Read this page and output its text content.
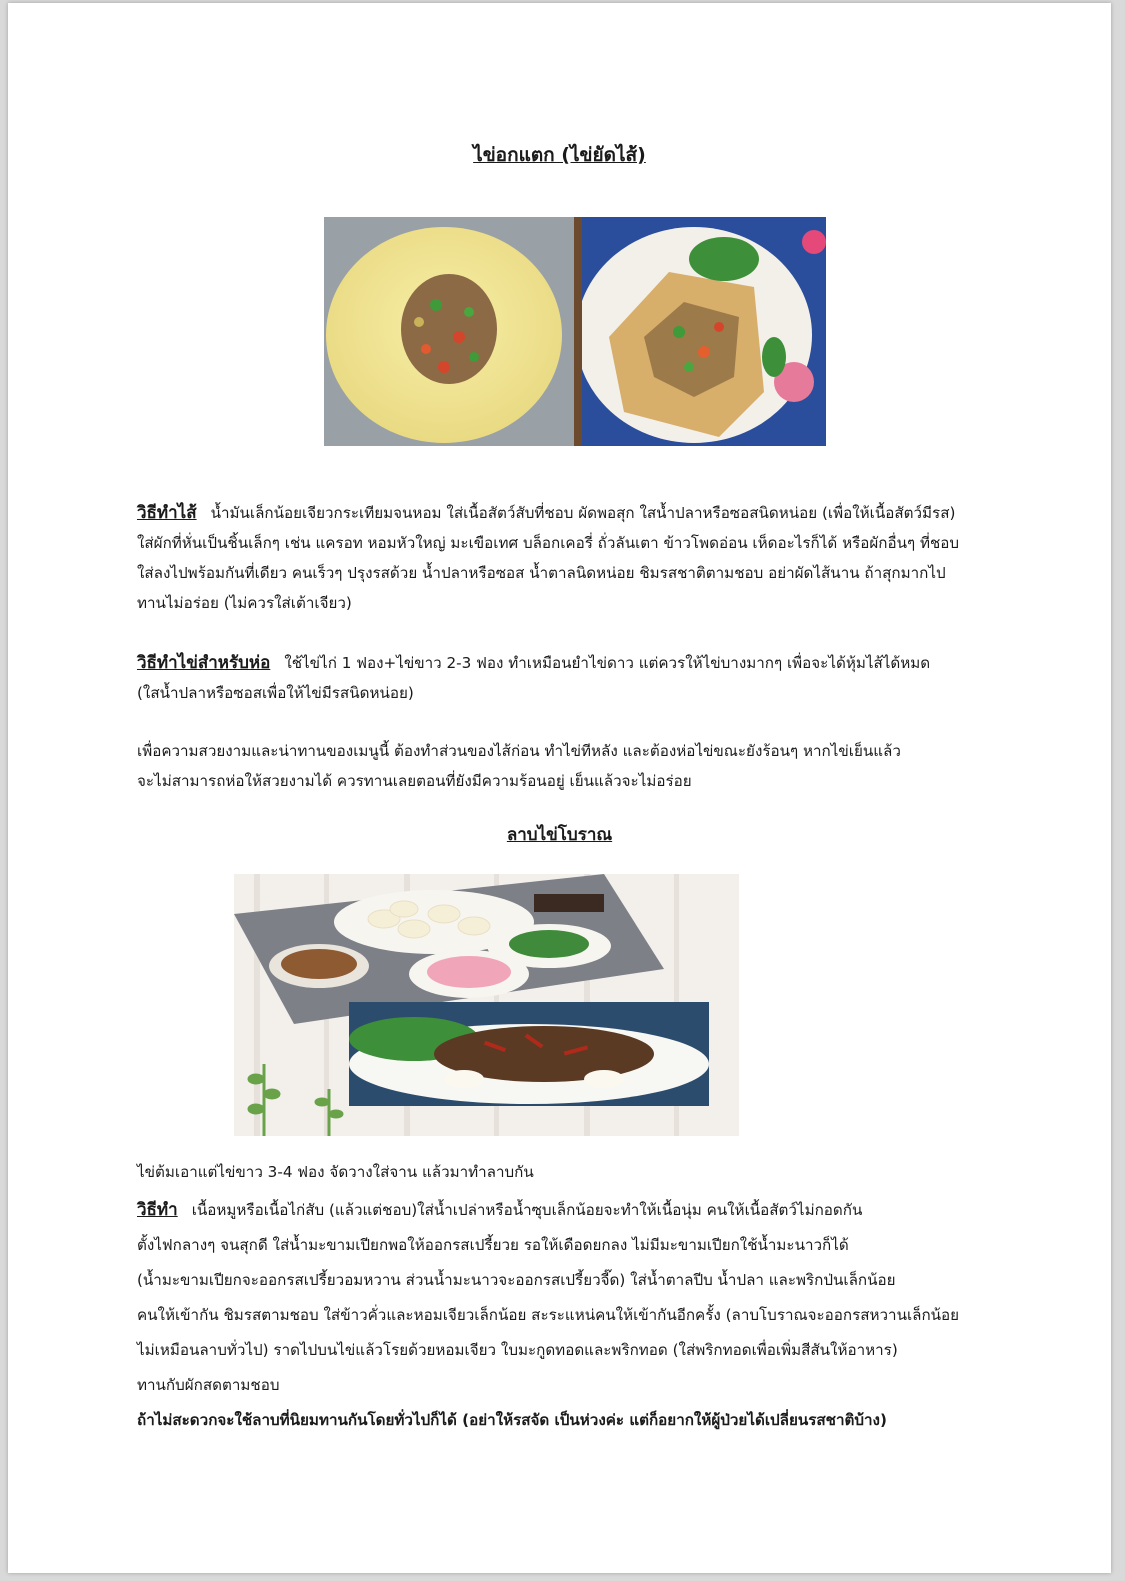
ไข่อกแตก (ไข่ยัดไส้)
วิธีทำไส้ น้ำมันเล็กน้อยเจียวกระเทียมจนหอม ใส่เนื้อสัตว์สับที่ชอบ ผัดพอสุก ใสน้ำปลาหรือซอสนิดหน่อย (เพื่อให้เนื้อสัตว์มีรส)
ใส่ผักที่หั่นเป็นชิ้นเล็กๆ เช่น แครอท หอมหัวใหญ่ มะเขือเทศ บล็อกเคอรี่ ถั่วลันเตา ข้าวโพดอ่อน เห็ดอะไรก็ได้ หรือผักอื่นๆ ที่ชอบ
ใส่ลงไปพร้อมกันที่เดียว คนเร็วๆ ปรุงรสด้วย น้ำปลาหรือซอส น้ำตาลนิดหน่อย ชิมรสชาติตามชอบ อย่าผัดไส้นาน ถ้าสุกมากไป
ทานไม่อร่อย (ไม่ควรใส่เต้าเจียว)
วิธีทำไข่สำหรับห่อ ใช้ไข่ไก่ 1 ฟอง+ไข่ขาว 2-3 ฟอง ทำเหมือนยำไข่ดาว แต่ควรให้ไข่บางมากๆ เพื่อจะได้หุ้มไส้ได้หมด
(ใสน้ำปลาหรือซอสเพื่อให้ไข่มีรสนิดหน่อย)
เพื่อความสวยงามและน่าทานของเมนูนี้ ต้องทำส่วนของไส้ก่อน ทำไข่ทีหลัง และต้องห่อไข่ขณะยังร้อนๆ หากไข่เย็นแล้ว
จะไม่สามารถห่อให้สวยงามได้ ควรทานเลยตอนที่ยังมีความร้อนอยู่ เย็นแล้วจะไม่อร่อย
ลาบไข่โบราณ
ไข่ต้มเอาแต่ไข่ขาว 3-4 ฟอง จัดวางใส่จาน แล้วมาทำลาบกัน
วิธีทำ เนื้อหมูหรือเนื้อไก่สับ (แล้วแต่ชอบ)ใส่น้ำเปล่าหรือน้ำซุบเล็กน้อยจะทำให้เนื้อนุ่ม คนให้เนื้อสัตว์ไม่กอดกัน
ตั้งไฟกลางๆ จนสุกดี ใส่น้ำมะขามเปียกพอให้ออกรสเปรี้ยวย รอให้เดือดยกลง ไม่มีมะขามเปียกใช้น้ำมะนาวก็ได้
(น้ำมะขามเปียกจะออกรสเปรี้ยวอมหวาน ส่วนน้ำมะนาวจะออกรสเปรี้ยวจี๊ด) ใส่น้ำตาลปีบ น้ำปลา และพริกป่นเล็กน้อย
คนให้เข้ากัน ชิมรสตามชอบ ใส่ข้าวคั่วและหอมเจียวเล็กน้อย สะระแหน่คนให้เข้ากันอีกครั้ง (ลาบโบราณจะออกรสหวานเล็กน้อย
ไม่เหมือนลาบทั่วไป) ราดไปบนไข่แล้วโรยด้วยหอมเจียว ใบมะกูดทอดและพริกทอด (ใส่พริกทอดเพื่อเพิ่มสีสันให้อาหาร)
ทานกับผักสดตามชอบ
ถ้าไม่สะดวกจะใช้ลาบที่นิยมทานกันโดยทั่วไปก็ได้ (อย่าให้รสจัด เป็นห่วงค่ะ แต่ก็อยากให้ผู้ป่วยได้เปลี่ยนรสชาติบ้าง)
